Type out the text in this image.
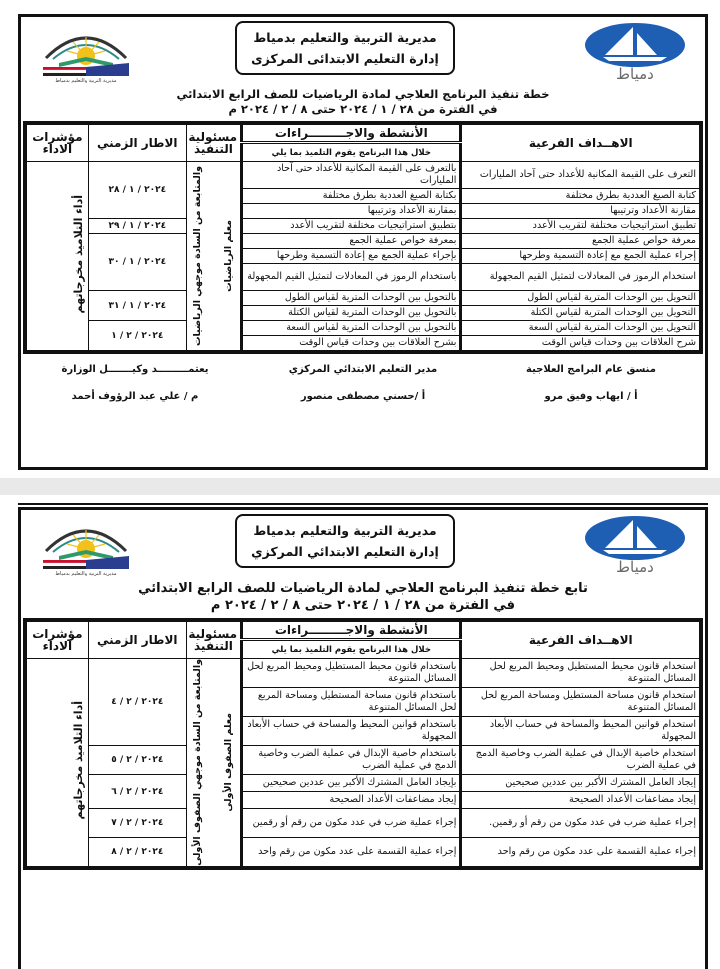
مديرية التربية والتعليم بدمياط
مديرية التربية والتعليم بدمياط
إدارة التعليم الابتدائى المركزى
دمياط
خطة تنفيذ البرنامج العلاجي لمادة الرياضيات للصف الرابع الابتدائي
في الفترة من ٢٨ / ١ / ٢٠٢٤ حتى ٨ / ٢ / ٢٠٢٤ م
الاهــداف الفرعية	الأنشطة والاجـــــــــراءات	مسئولية التنفيذ	الاطار الزمني	مؤشرات الاداء
	خلال هذا البرنامج يقوم التلميذ بما يلي			
التعرف على القيمة المكانية للأعداد حتى آحاد المليارات	بالتعرف على القيمة المكانية للأعداد حتى آحاد المليارات	معلم الرياضيات
والمتابعة من السادة موجهي الرياضيات	٢٠٢٤ / ١ / ٢٨	أداء التلاميذ مخرجاتهم
كتابة الصيغ العددية بطرق مختلفة	بكتابة الصيغ العددية بطرق مختلفة			
مقارنة الأعداد وترتيبها	بمقارنة الأعداد وترتيبها			
تطبيق استراتيجيات مختلفة لتقريب الأعدد	بتطبيق استراتيجيات مختلفة لتقريب الأعدد		٢٠٢٤ / ١ / ٢٩	
معرفة خواص عملية الجمع	بمعرفة خواص عملية الجمع		٢٠٢٤ / ١ / ٣٠	
إجراء عملية الجمع مع إعادة التسمية وطرحها	بإجراء عملية الجمع مع إعادة التسمية وطرحها			
استخدام الرموز في المعادلات لتمثيل القيم المجهولة	باستخدام الرموز في المعادلات لتمثيل القيم المجهولة			
التحويل بين الوحدات المترية لقياس الطول	بالتحويل بين الوحدات المترية لقياس الطول		٢٠٢٤ / ١ / ٣١	
التحويل بين الوحدات المترية لقياس الكتلة	بالتحويل بين الوحدات المترية لقياس الكتلة			
التحويل بين الوحدات المترية لقياس السعة	بالتحويل بين الوحدات المترية لقياس السعة		٢٠٢٤ / ٢ / ١	
شرح العلاقات بين وحدات قياس الوقت	بشرح العلاقات بين وحدات قياس الوقت			
منسق عام البرامج العلاجية
مدير التعليم الابتدائي المركزي
يعتمـــــــــد وكيـــــــل الوزارة
أ / ايهاب وفيق مرو
أ /حسني مصطفى منصور
م / علي عبد الرؤوف أحمد
مديرية التربية والتعليم بدمياط
مديرية التربية والتعليم بدمياط
إدارة التعليم الابتدائي المركزي
دمياط
تابع خطة تنفيذ البرنامج العلاجي لمادة الرياضيات للصف الرابع الابتدائي
في الفترة من ٢٨ / ١ / ٢٠٢٤ حتى ٨ / ٢ / ٢٠٢٤ م
الاهــداف الفرعية	الأنشطة والاجـــــــــراءات	مسئولية التنفيذ	الاطار الزمني	مؤشرات الاداء
	خلال هذا البرنامج يقوم التلميذ بما يلي			
استخدام قانون محيط المستطيل ومحيط المربع لحل المسائل المتنوعة	باستخدام قانون محيط المستطيل ومحيط المربع لحل المسائل المتنوعة	معلم الصفوف الأولى
والمتابعة من السادة موجهي الصفوف الأولى	٢٠٢٤ / ٢ / ٤	أداء التلاميذ مخرجاتهم
استخدام قانون مساحة المستطيل ومساحة المربع لحل المسائل المتنوعة	باستخدام قانون مساحة المستطيل ومساحة المربع لحل المسائل المتنوعة			
استخدام قوانين المحيط والمساحة في حساب الأبعاد المجهولة	باستخدام قوانين المحيط والمساحة في حساب الأبعاد المجهولة			
استخدام خاصية الإبدال في عملية الضرب وخاصية الدمج في عملية الضرب	باستخدام خاصية الإبدال في عملية الضرب وخاصية الدمج في عملية الضرب		٢٠٢٤ / ٢ / ٥	
إيجاد العامل المشترك الأكبر بين عددين صحيحين	بإيجاد العامل المشترك الأكبر بين عددين صحيحين		٢٠٢٤ / ٢ / ٦	
إيجاد مضاعفات الأعداد الصحيحة	إيجاد مضاعفات الأعداد الصحيحة			
إجراء عملية ضرب في عدد مكون من رقم أو رقمين.	إجراء عملية ضرب في عدد مكون من رقم أو رقمين		٢٠٢٤ / ٢ / ٧	
إجراء عملية القسمة على عدد مكون من رقم واحد	إجراء عملية القسمة على عدد مكون من رقم واحد		٢٠٢٤ / ٢ / ٨	
